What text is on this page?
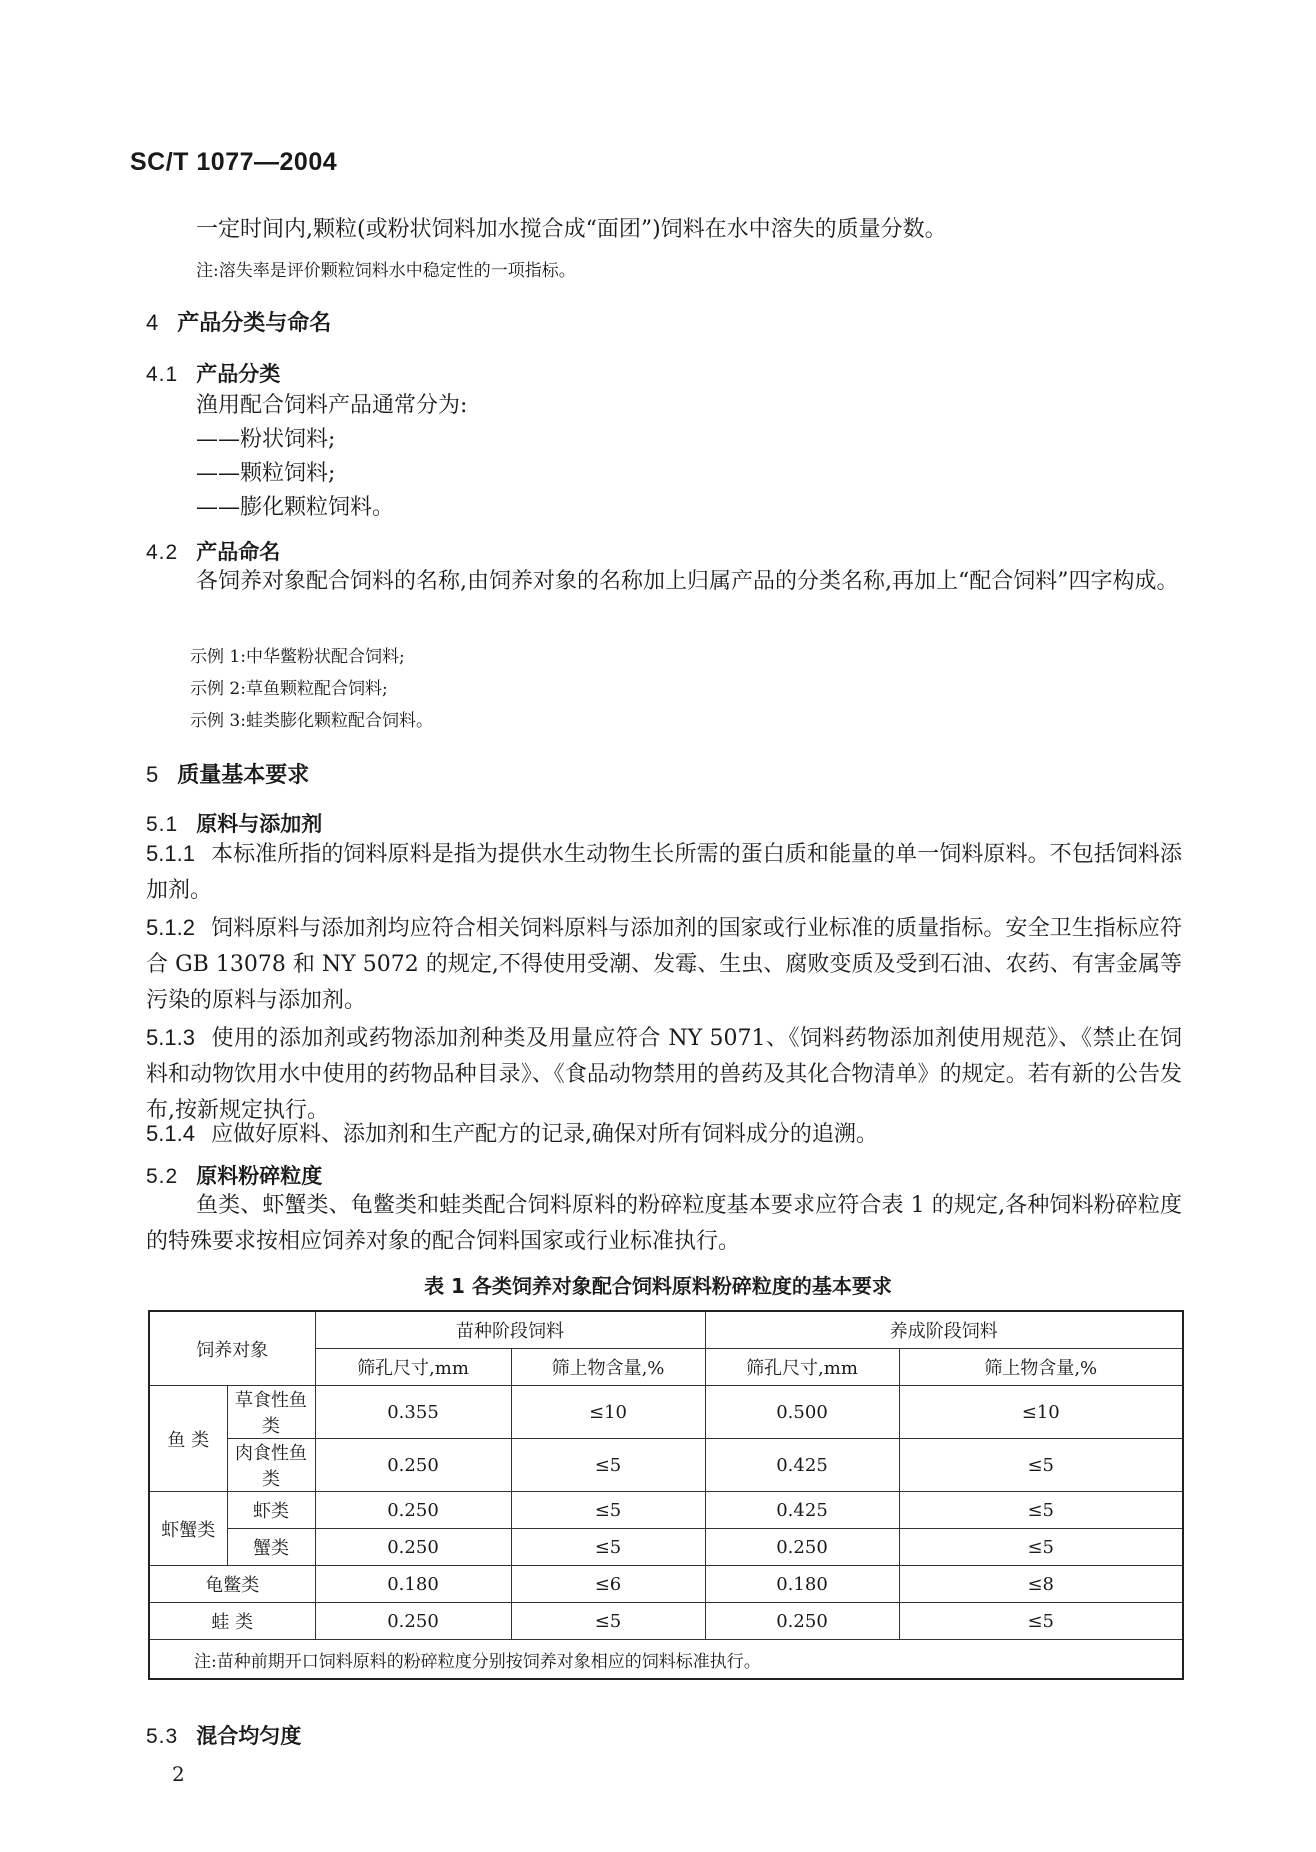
SC/T 1077—2004
一定时间内,颗粒(或粉状饲料加水搅合成“面团”)饲料在水中溶失的质量分数。
注:溶失率是评价颗粒饲料水中稳定性的一项指标。
4 产品分类与命名
4.1 产品分类
渔用配合饲料产品通常分为:
——粉状饲料;
——颗粒饲料;
——膨化颗粒饲料。
4.2 产品命名
各饲养对象配合饲料的名称,由饲养对象的名称加上归属产品的分类名称,再加上“配合饲料”四字构成。
示例 1:中华鳖粉状配合饲料;
示例 2:草鱼颗粒配合饲料;
示例 3:蛙类膨化颗粒配合饲料。
5 质量基本要求
5.1 原料与添加剂
5.1.1 本标准所指的饲料原料是指为提供水生动物生长所需的蛋白质和能量的单一饲料原料。不包括饲料添加剂。
5.1.2 饲料原料与添加剂均应符合相关饲料原料与添加剂的国家或行业标准的质量指标。安全卫生指标应符合 GB 13078 和 NY 5072 的规定,不得使用受潮、发霉、生虫、腐败变质及受到石油、农药、有害金属等污染的原料与添加剂。
5.1.3 使用的添加剂或药物添加剂种类及用量应符合 NY 5071、《饲料药物添加剂使用规范》、《禁止在饲料和动物饮用水中使用的药物品种目录》、《食品动物禁用的兽药及其化合物清单》的规定。若有新的公告发布,按新规定执行。
5.1.4 应做好原料、添加剂和生产配方的记录,确保对所有饲料成分的追溯。
5.2 原料粉碎粒度
鱼类、虾蟹类、龟鳖类和蛙类配合饲料原料的粉碎粒度基本要求应符合表 1 的规定,各种饲料粉碎粒度的特殊要求按相应饲养对象的配合饲料国家或行业标准执行。
表 1 各类饲养对象配合饲料原料粉碎粒度的基本要求
饲养对象		苗种阶段饲料		养成阶段饲料	
		筛孔尺寸,mm	筛上物含量,%	筛孔尺寸,mm	筛上物含量,%
鱼 类	草食性鱼类	0.355	≤10	0.500	≤10
	肉食性鱼类	0.250	≤5	0.425	≤5
虾蟹类	虾类	0.250	≤5	0.425	≤5
	蟹类	0.250	≤5	0.250	≤5
龟鳖类		0.180	≤6	0.180	≤8
蛙 类		0.250	≤5	0.250	≤5
注:苗种前期开口饲料原料的粉碎粒度分别按饲养对象相应的饲料标准执行。					
5.3 混合均匀度
2
